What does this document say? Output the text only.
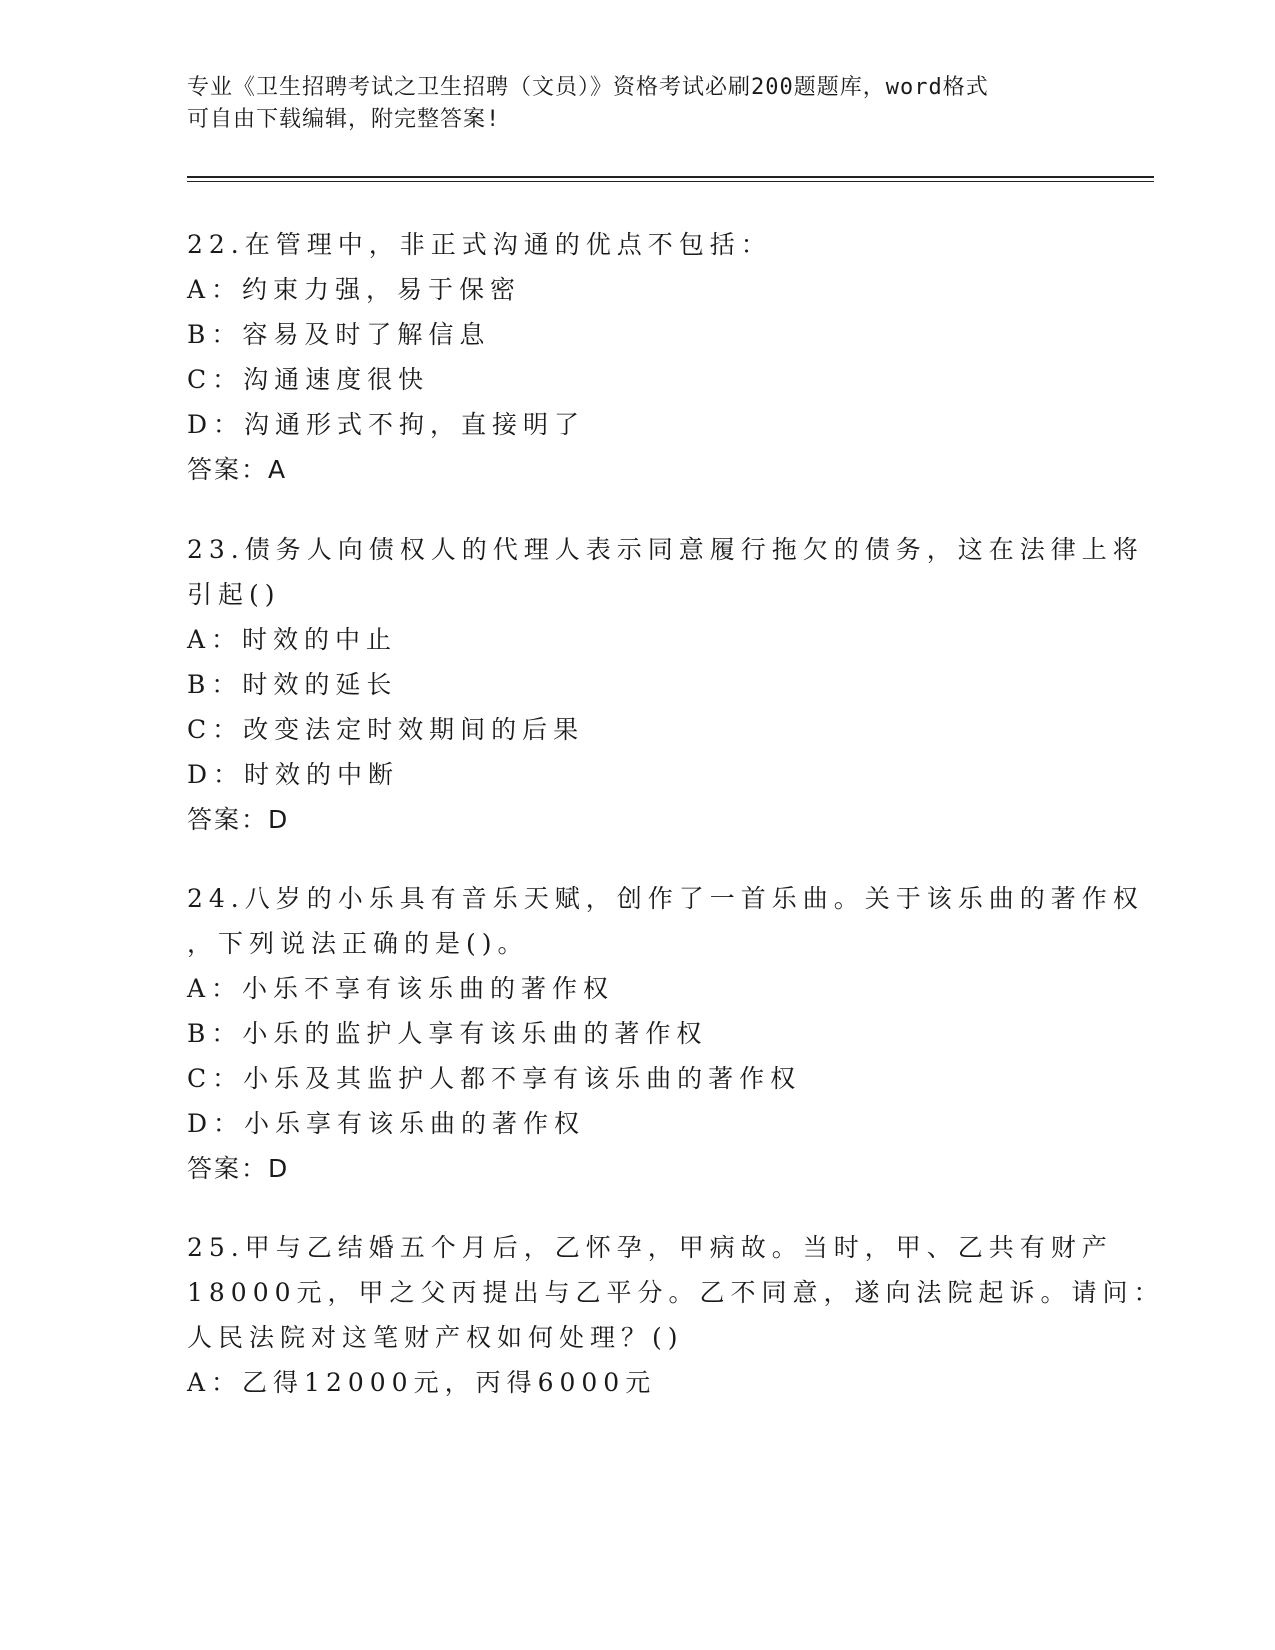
专业《卫生招聘考试之卫生招聘（文员）》资格考试必刷200题题库，word格式
可自由下载编辑，附完整答案!
22.在管理中，非正式沟通的优点不包括：
A：约束力强，易于保密
B：容易及时了解信息
C：沟通速度很快
D：沟通形式不拘，直接明了
答案：A
23.债务人向债权人的代理人表示同意履行拖欠的债务，这在法律上将
引起()
A：时效的中止
B：时效的延长
C：改变法定时效期间的后果
D：时效的中断
答案：D
24.八岁的小乐具有音乐天赋，创作了一首乐曲。关于该乐曲的著作权
，下列说法正确的是()。
A：小乐不享有该乐曲的著作权
B：小乐的监护人享有该乐曲的著作权
C：小乐及其监护人都不享有该乐曲的著作权
D：小乐享有该乐曲的著作权
答案：D
25.甲与乙结婚五个月后，乙怀孕，甲病故。当时，甲、乙共有财产
18000元，甲之父丙提出与乙平分。乙不同意，遂向法院起诉。请问：
人民法院对这笔财产权如何处理？()
A：乙得12000元，丙得6000元
